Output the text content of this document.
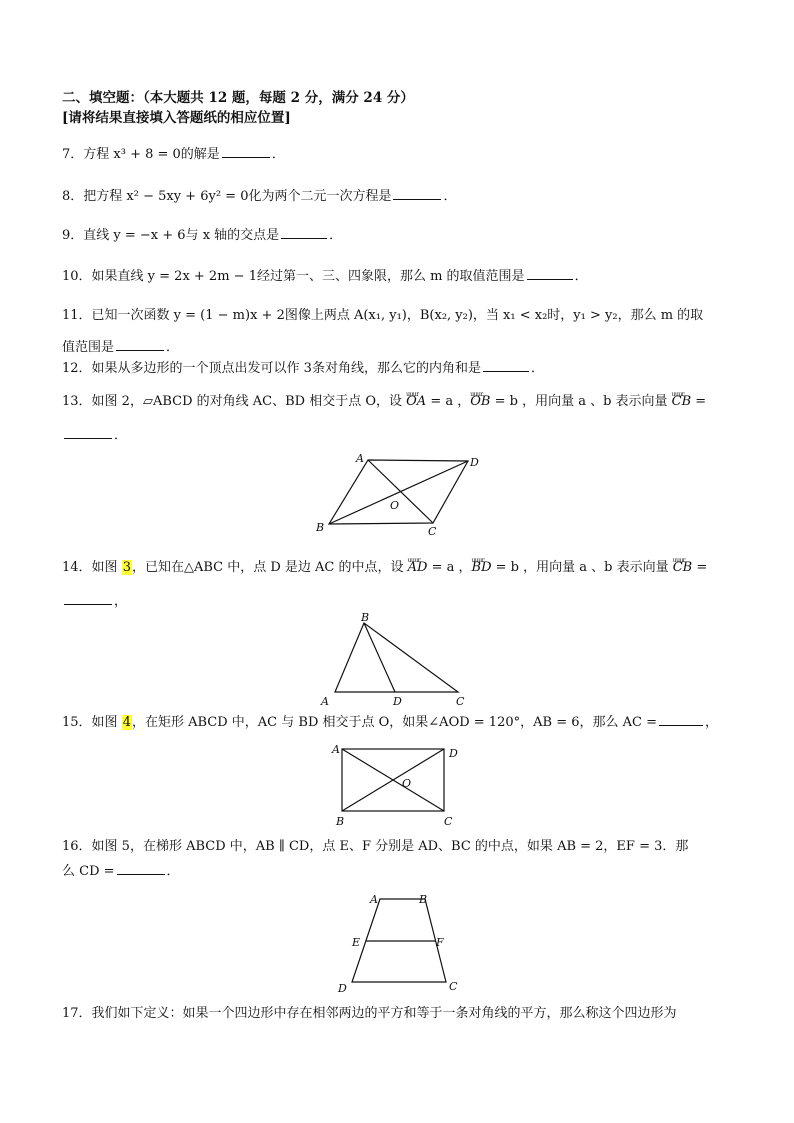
二、填空题：（本大题共 12 题，每题 2 分，满分 24 分）
[请将结果直接填入答题纸的相应位置]
7．方程 x³ + 8 = 0的解是	．
8．把方程 x² − 5xy + 6y² = 0化为两个二元一次方程是	．
9．直线 y = −x + 6与 x 轴的交点是	．
10．如果直线 y = 2x + 2m − 1经过第一、三、四象限，那么 m 的取值范围是	．
11．已知一次函数 y = (1 − m)x + 2图像上两点 A(x₁, y₁)，B(x₂, y₂)，当 x₁ < x₂时，y₁ > y₂，那么 m 的取
值范围是	．
12．如果从多边形的一个顶点出发可以作 3条对角线，那么它的内角和是	．
13．如图 2，▱ABCD 的对角线 AC、BD 相交于点 O，设 uuur OA = a ，uuur OB = b ，用向量 a 、b 表示向量 uuur CB =
．
A	D
O
B	C
14．如图 3，已知在△ABC 中，点 D 是边 AC 的中点，设 uuur AD = a ，uuur BD = b ，用向量 a 、b 表示向量 uuur CB =
，
B
A	D	C
15．如图 4，在矩形 ABCD 中，AC 与 BD 相交于点 O，如果∠AOD = 120°，AB = 6，那么 AC =	，
A	D
O
B	C
16．如图 5，在梯形 ABCD 中，AB ∥ CD，点 E、F 分别是 AD、BC 的中点，如果 AB = 2，EF = 3．那
么 CD =	．
A	B
E	F
D	C
17．我们如下定义：如果一个四边形中存在相邻两边的平方和等于一条对角线的平方，那么称这个四边形为
